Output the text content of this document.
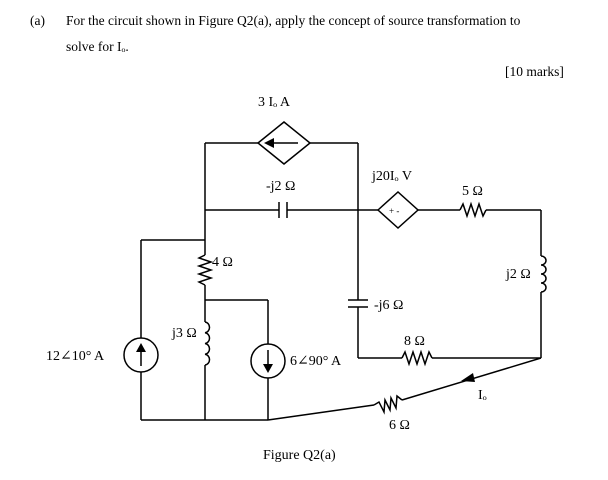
(a) For the circuit shown in Figure Q2(a), apply the concept of source transformation to
solve for Iₒ.
[10 marks]
3 Iₒ A
-j2 Ω
+ -
j20Iₒ V
5 Ω
j2 Ω
-j6 Ω
4 Ω
j3 Ω
12∠10° A	6∠90° A
8 Ω
Iₒ
6 Ω
Figure Q2(a)
